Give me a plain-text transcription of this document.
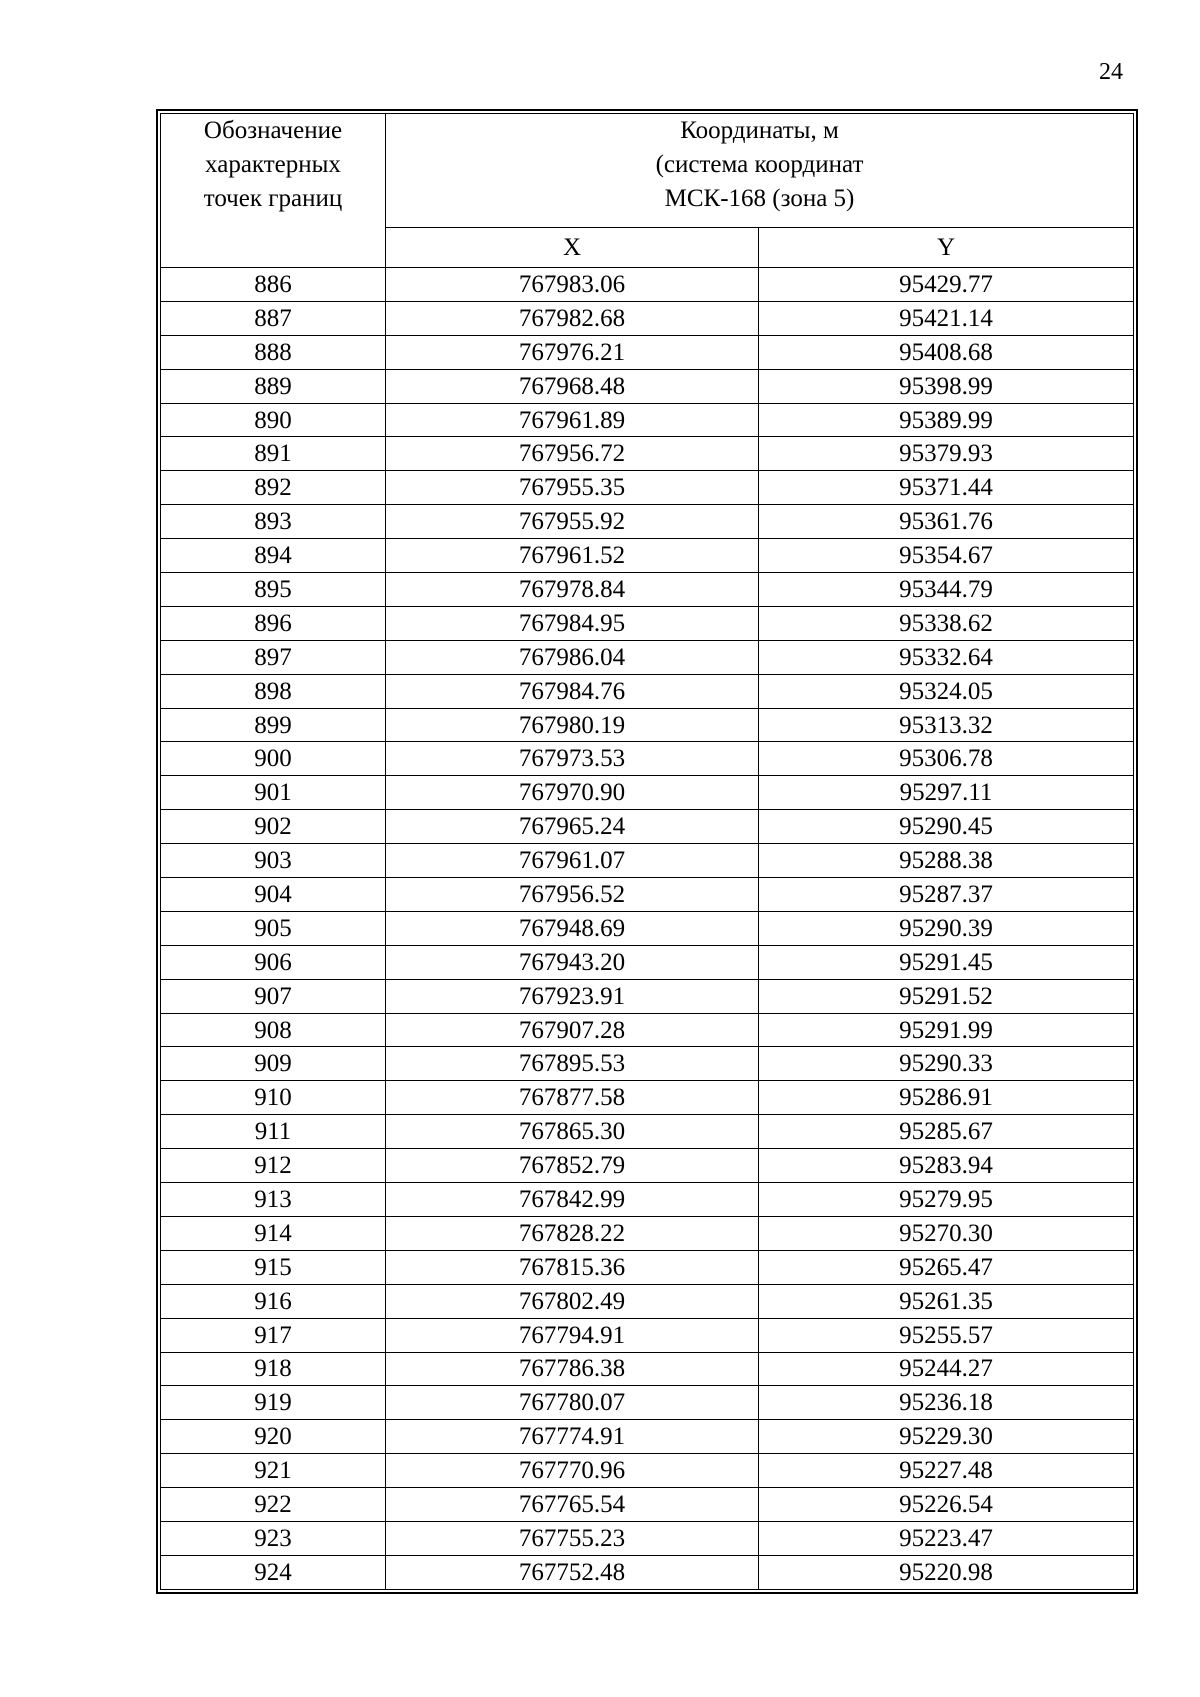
24
Обозначение
характерных
точек границ	Координаты, м
(система координат
МСК-168 (зона 5)	

	X	Y
886	767983.06	95429.77
887	767982.68	95421.14
888	767976.21	95408.68
889	767968.48	95398.99
890	767961.89	95389.99
891	767956.72	95379.93
892	767955.35	95371.44
893	767955.92	95361.76
894	767961.52	95354.67
895	767978.84	95344.79
896	767984.95	95338.62
897	767986.04	95332.64
898	767984.76	95324.05
899	767980.19	95313.32
900	767973.53	95306.78
901	767970.90	95297.11
902	767965.24	95290.45
903	767961.07	95288.38
904	767956.52	95287.37
905	767948.69	95290.39
906	767943.20	95291.45
907	767923.91	95291.52
908	767907.28	95291.99
909	767895.53	95290.33
910	767877.58	95286.91
911	767865.30	95285.67
912	767852.79	95283.94
913	767842.99	95279.95
914	767828.22	95270.30
915	767815.36	95265.47
916	767802.49	95261.35
917	767794.91	95255.57
918	767786.38	95244.27
919	767780.07	95236.18
920	767774.91	95229.30
921	767770.96	95227.48
922	767765.54	95226.54
923	767755.23	95223.47
924	767752.48	95220.98
